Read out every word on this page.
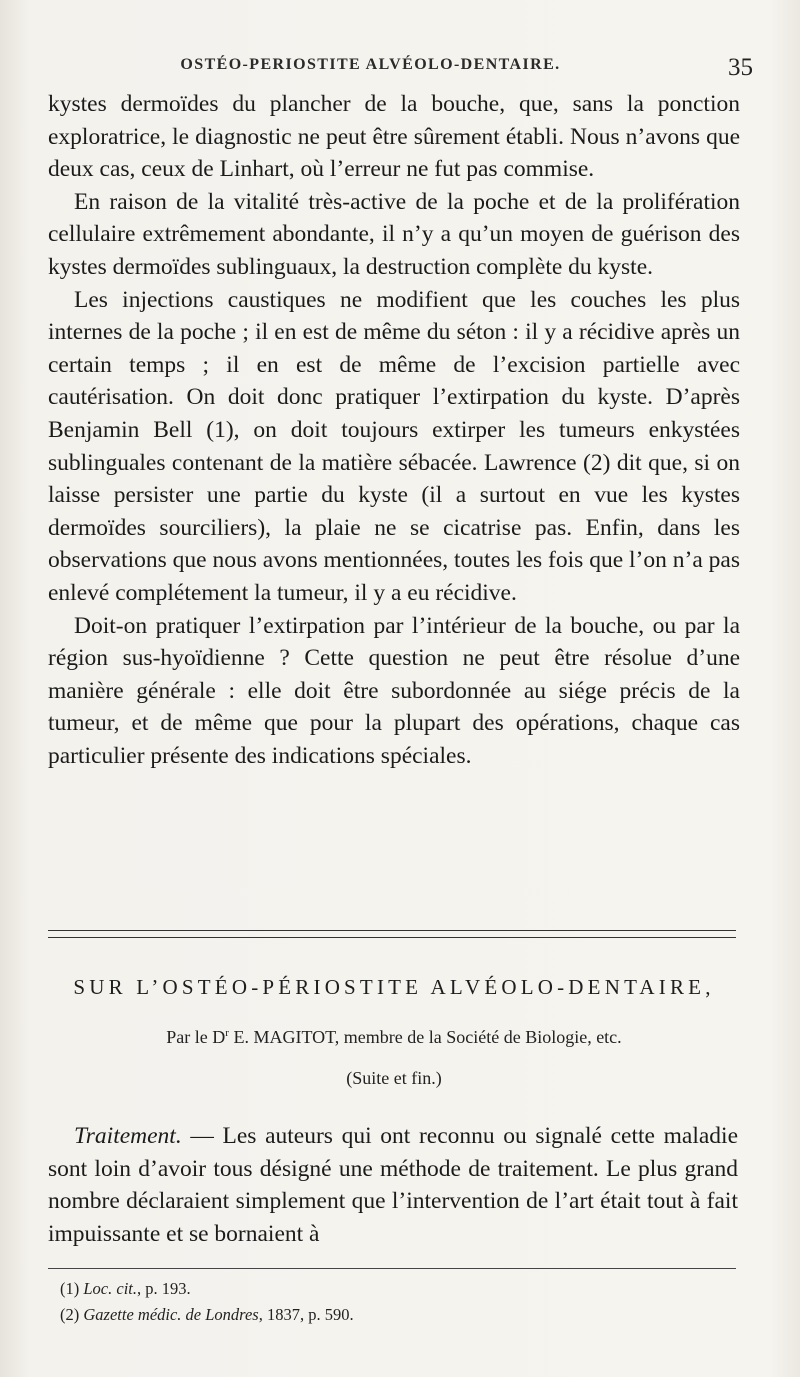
OSTÉO-PERIOSTITE ALVÉOLO-DENTAIRE.	35

kystes dermoïdes du plancher de la bouche, que, sans la ponction exploratrice, le diagnostic ne peut être sûrement établi. Nous n’avons que deux cas, ceux de Linhart, où l’erreur ne fut pas commise.

En raison de la vitalité très-active de la poche et de la prolifération cellulaire extrêmement abondante, il n’y a qu’un moyen de guérison des kystes dermoïdes sublinguaux, la destruction complète du kyste.

Les injections caustiques ne modifient que les couches les plus internes de la poche ; il en est de même du séton : il y a récidive après un certain temps ; il en est de même de l’excision partielle avec cautérisation. On doit donc pratiquer l’extirpation du kyste. D’après Benjamin Bell (1), on doit toujours extirper les tumeurs enkystées sublinguales contenant de la matière sébacée. Lawrence (2) dit que, si on laisse persister une partie du kyste (il a surtout en vue les kystes dermoïdes sourciliers), la plaie ne se cicatrise pas. Enfin, dans les observations que nous avons mentionnées, toutes les fois que l’on n’a pas enlevé complétement la tumeur, il y a eu récidive.

Doit-on pratiquer l’extirpation par l’intérieur de la bouche, ou par la région sus-hyoïdienne ? Cette question ne peut être résolue d’une manière générale : elle doit être subordonnée au siége précis de la tumeur, et de même que pour la plupart des opérations, chaque cas particulier présente des indications spéciales.

SUR L’OSTÉO-PÉRIOSTITE ALVÉOLO-DENTAIRE,
Par le $D^r$ E. MAGITOT, membre de la Société de Biologie, etc.
(Suite et fin.)

Traitement. — Les auteurs qui ont reconnu ou signalé cette maladie sont loin d’avoir tous désigné une méthode de traitement. Le plus grand nombre déclaraient simplement que l’intervention de l’art était tout à fait impuissante et se bornaient à

(1) Loc. cit., p. 193.
(2) Gazette médic. de Londres, 1837, p. 590.
